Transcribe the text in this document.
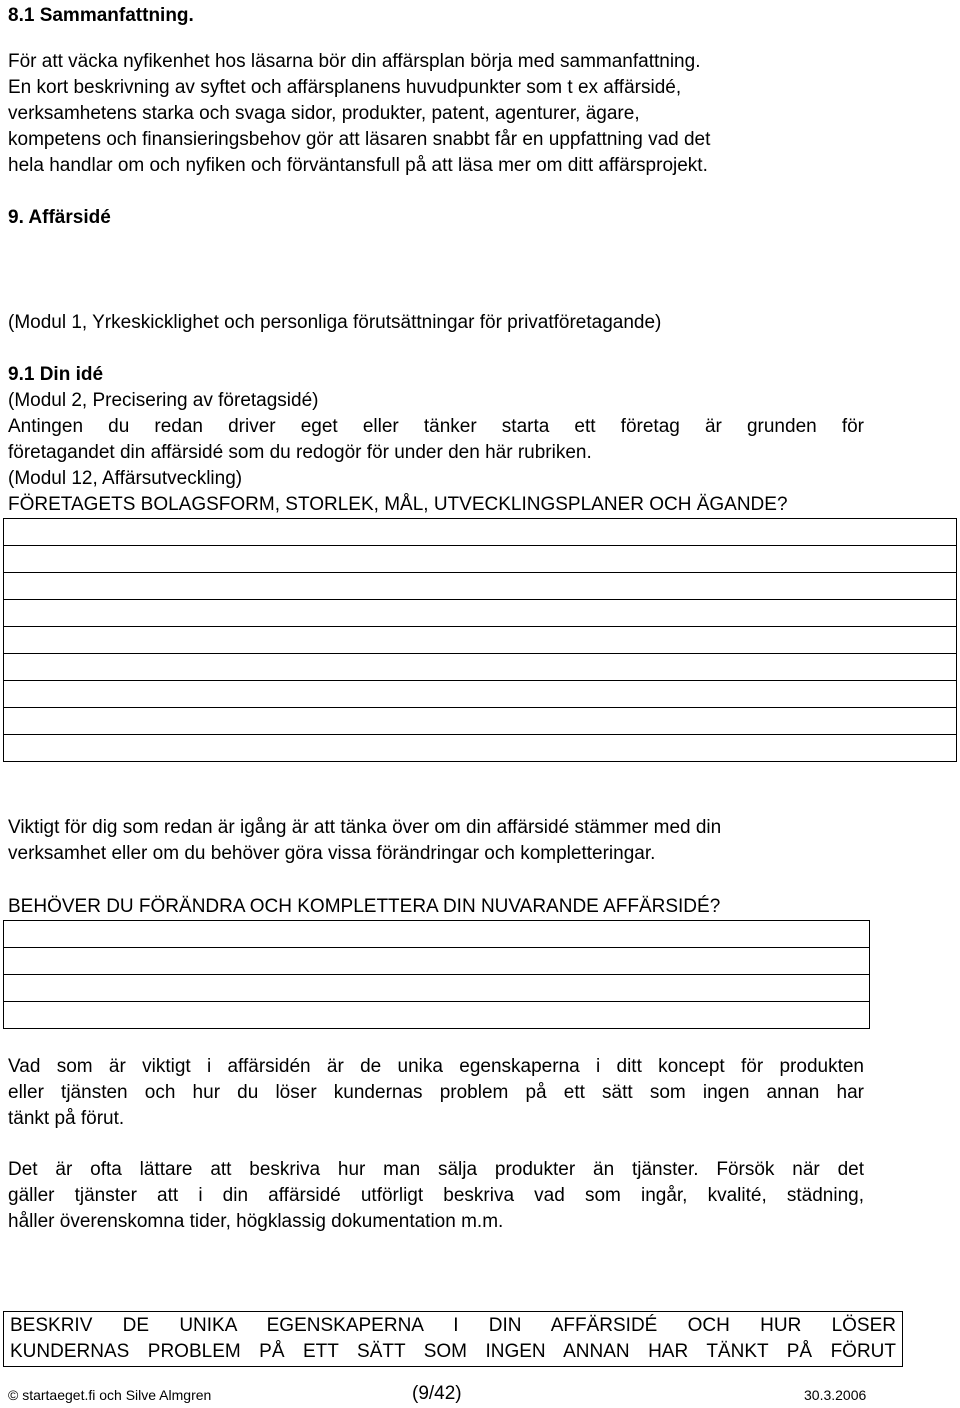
8.1 Sammanfattning.
För att väcka nyfikenhet hos läsarna bör din affärsplan börja med sammanfattning.
En kort beskrivning av syftet och affärsplanens huvudpunkter som t ex affärsidé,
verksamhetens starka och svaga sidor, produkter, patent, agenturer, ägare,
kompetens och finansieringsbehov gör att läsaren snabbt får en uppfattning vad det
hela handlar om och nyfiken och förväntansfull på att läsa mer om ditt affärsprojekt.
9. Affärsidé

(Modul 1, Yrkeskicklighet och personliga förutsättningar för privatföretagande)

(Modul 2, Precisering av företagsidé)

(Modul 12, Affärsutveckling)

9.1 Din idé
Antingen du redan driver eget eller tänker starta ett företag är grunden för
företagandet din affärsidé som du redogör för under den här rubriken.
FÖRETAGETS BOLAGSFORM, STORLEK, MÅL, UTVECKLINGSPLANER OCH ÄGANDE?

Viktigt för dig som redan är igång är att tänka över om din affärsidé stämmer med din
verksamhet eller om du behöver göra vissa förändringar och kompletteringar.
BEHÖVER DU FÖRÄNDRA OCH KOMPLETTERA DIN NUVARANDE AFFÄRSIDÉ?

Vad som är viktigt i affärsidén är de unika egenskaperna i ditt koncept för produkten
eller tjänsten och hur du löser kundernas problem på ett sätt som ingen annan har
tänkt på förut.
Det är ofta lättare att beskriva hur man sälja produkter än tjänster. Försök när det
gäller tjänster att i din affärsidé utförligt beskriva vad som ingår, kvalité, städning,
håller överenskomna tider, högklassig dokumentation m.m.
BESKRIV DE UNIKA EGENSKAPERNA I DIN AFFÄRSIDÉ OCH HUR LÖSER
KUNDERNAS PROBLEM PÅ ETT SÄTT SOM INGEN ANNAN HAR TÄNKT PÅ FÖRUT
© startaeget.fi och Silve Almgren	(9/42)	30.3.2006
